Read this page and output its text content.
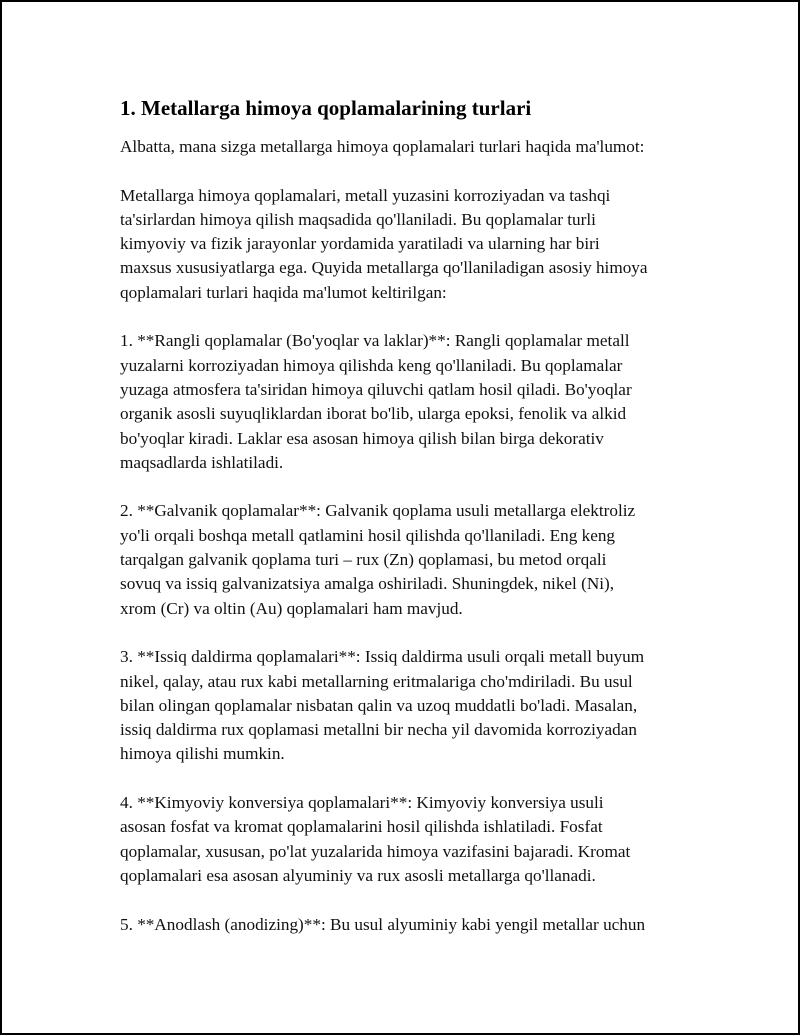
1. Metallarga himoya qoplamalarining turlari

Albatta, mana sizga metallarga himoya qoplamalari turlari haqida ma'lumot:

Metallarga himoya qoplamalari, metall yuzasini korroziyadan va tashqi
ta'sirlardan himoya qilish maqsadida qo'llaniladi. Bu qoplamalar turli
kimyoviy va fizik jarayonlar yordamida yaratiladi va ularning har biri
maxsus xususiyatlarga ega. Quyida metallarga qo'llaniladigan asosiy himoya
qoplamalari turlari haqida ma'lumot keltirilgan:

1. **Rangli qoplamalar (Bo'yoqlar va laklar)**: Rangli qoplamalar metall
yuzalarni korroziyadan himoya qilishda keng qo'llaniladi. Bu qoplamalar
yuzaga atmosfera ta'siridan himoya qiluvchi qatlam hosil qiladi. Bo'yoqlar
organik asosli suyuqliklardan iborat bo'lib, ularga epoksi, fenolik va alkid
bo'yoqlar kiradi. Laklar esa asosan himoya qilish bilan birga dekorativ
maqsadlarda ishlatiladi.

2. **Galvanik qoplamalar**: Galvanik qoplama usuli metallarga elektroliz
yo'li orqali boshqa metall qatlamini hosil qilishda qo'llaniladi. Eng keng
tarqalgan galvanik qoplama turi – rux (Zn) qoplamasi, bu metod orqali
sovuq va issiq galvanizatsiya amalga oshiriladi. Shuningdek, nikel (Ni),
xrom (Cr) va oltin (Au) qoplamalari ham mavjud.

3. **Issiq daldirma qoplamalari**: Issiq daldirma usuli orqali metall buyum
nikel, qalay, atau rux kabi metallarning eritmalariga cho'mdiriladi. Bu usul
bilan olingan qoplamalar nisbatan qalin va uzoq muddatli bo'ladi. Masalan,
issiq daldirma rux qoplamasi metallni bir necha yil davomida korroziyadan
himoya qilishi mumkin.

4. **Kimyoviy konversiya qoplamalari**: Kimyoviy konversiya usuli
asosan fosfat va kromat qoplamalarini hosil qilishda ishlatiladi. Fosfat
qoplamalar, xususan, po'lat yuzalarida himoya vazifasini bajaradi. Kromat
qoplamalari esa asosan alyuminiy va rux asosli metallarga qo'llanadi.

5. **Anodlash (anodizing)**: Bu usul alyuminiy kabi yengil metallar uchun
